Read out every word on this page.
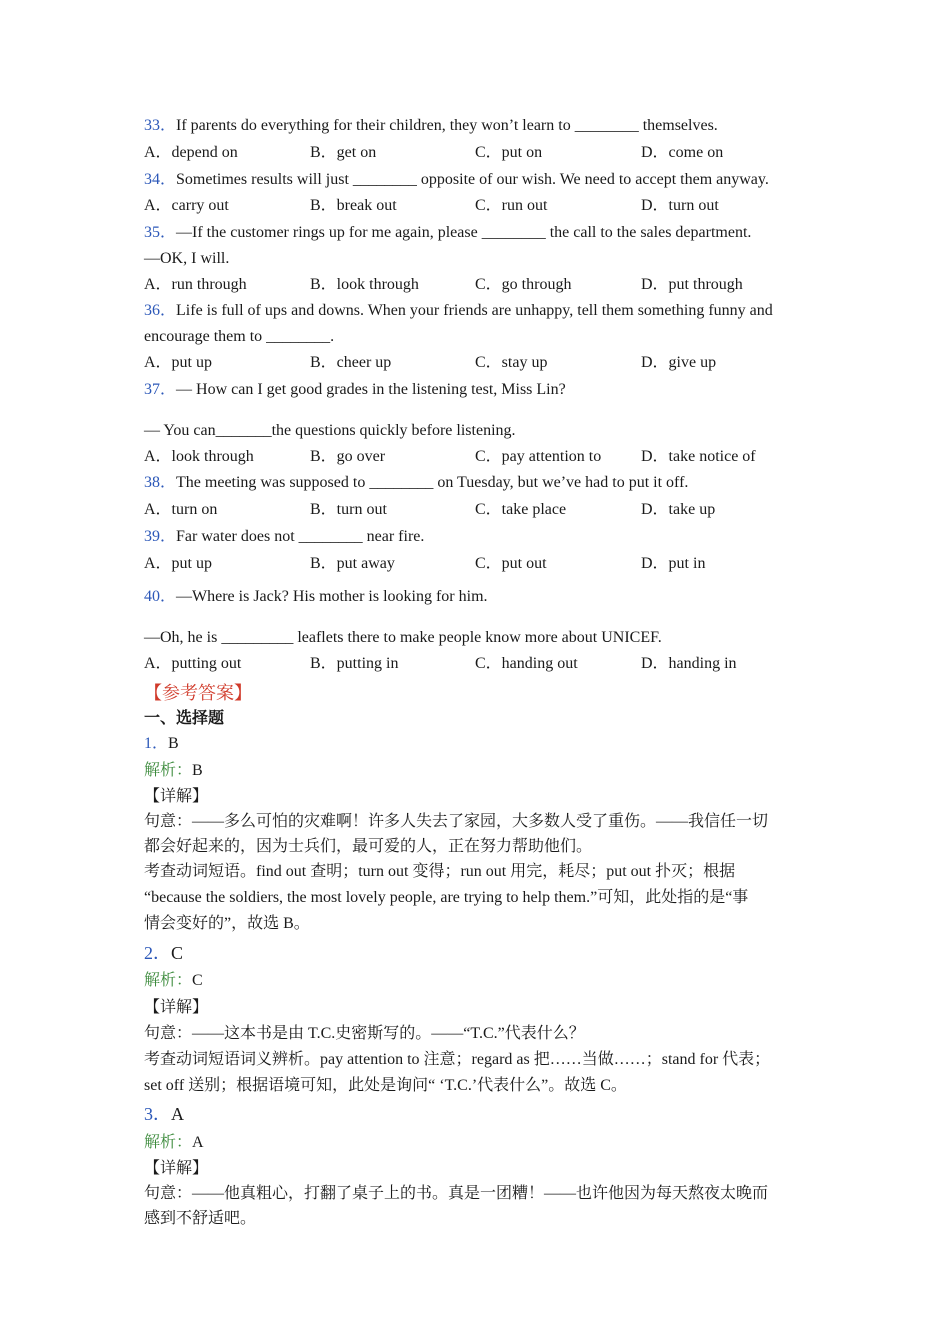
33．If parents do everything for their children, they won’t learn to ________ themselves.
A．depend on	B．get on	C．put on	D．come on
34．Sometimes results will just ________ opposite of our wish. We need to accept them anyway.
A．carry out	B．break out	C．run out	D．turn out
35．—If the customer rings up for me again, please ________ the call to the sales department.
—OK, I will.
A．run through	B．look through	C．go through	D．put through
36．Life is full of ups and downs. When your friends are unhappy, tell them something funny and
encourage them to ________.
A．put up	B．cheer up	C．stay up	D．give up
37．— How can I get good grades in the listening test, Miss Lin?
— You can_______the questions quickly before listening.
A．look through	B．go over	C．pay attention to D．take notice of
38．The meeting was supposed to ________ on Tuesday, but we’ve had to put it off.
A．turn on	B．turn out	C．take place	D．take up
39．Far water does not ________ near fire.
A．put up	B．put away	C．put out	D．put in
40．—Where is Jack? His mother is looking for him.
—Oh, he is _________ leaflets there to make people know more about UNICEF.
A．putting out	B．putting in	C．handing out	D．handing in
【参考答案】
一、选择题
1．B
解析：B
【详解】
句意：——多么可怕的灾难啊！许多人失去了家园，大多数人受了重伤。——我信任一切
都会好起来的，因为士兵们，最可爱的人，正在努力帮助他们。
考查动词短语。find out 查明；turn out 变得；run out 用完，耗尽；put out 扑灭；根据
“because the soldiers, the most lovely people, are trying to help them.”可知，此处指的是“事
情会变好的”，故选 B。
2．C
解析：C
【详解】
句意：——这本书是由 T.C.史密斯写的。——“T.C.”代表什么？
考查动词短语词义辨析。pay attention to 注意；regard as 把……当做……；stand for 代表；
set off 送别；根据语境可知，此处是询问“ ‘T.C.’代表什么”。故选 C。
3．A
解析：A
【详解】
句意：——他真粗心，打翻了桌子上的书。真是一团糟！——也许他因为每天熬夜太晚而
感到不舒适吧。
